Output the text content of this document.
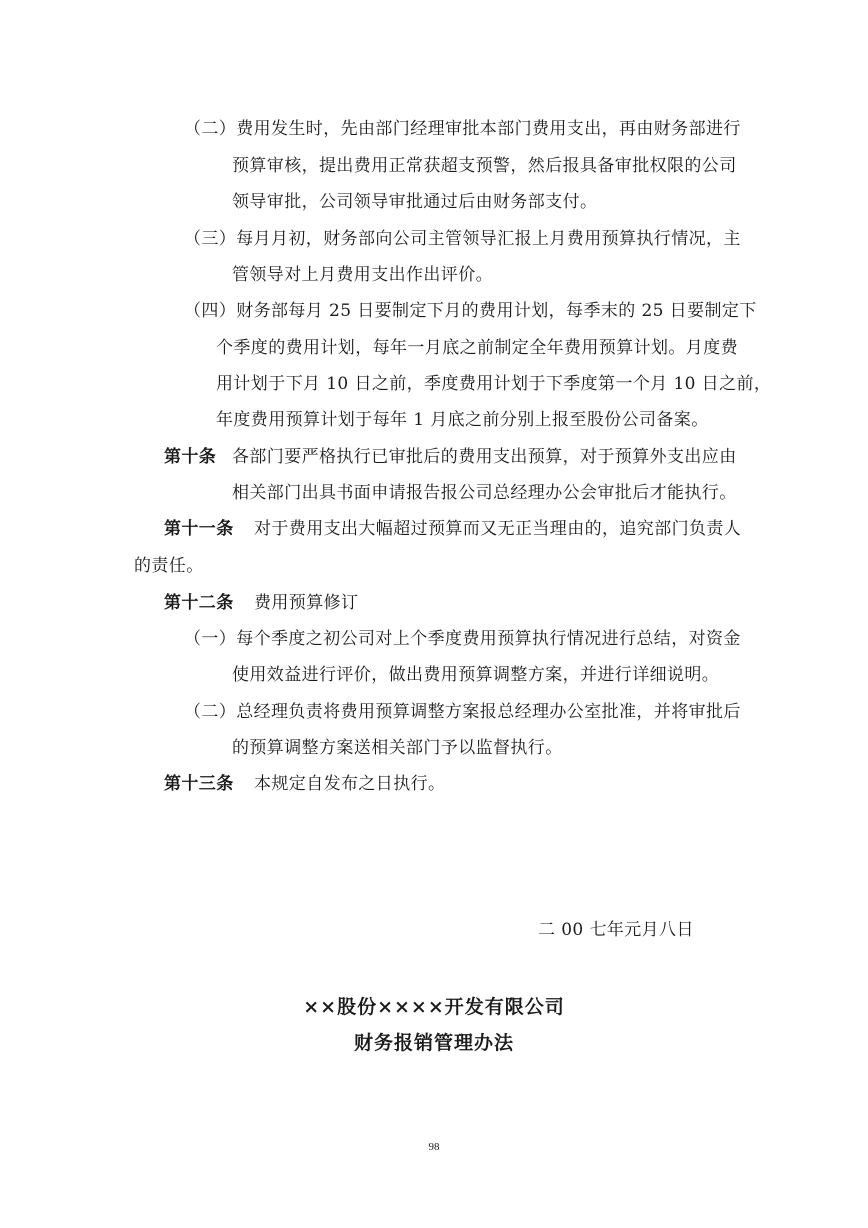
（二）费用发生时，先由部门经理审批本部门费用支出，再由财务部进行
预算审核，提出费用正常获超支预警，然后报具备审批权限的公司
领导审批，公司领导审批通过后由财务部支付。
（三）每月月初，财务部向公司主管领导汇报上月费用预算执行情况，主
管领导对上月费用支出作出评价。
（四）财务部每月 25 日要制定下月的费用计划，每季末的 25 日要制定下
个季度的费用计划，每年一月底之前制定全年费用预算计划。月度费
用计划于下月 10 日之前，季度费用计划于下季度第一个月 10 日之前，
年度费用预算计划于每年 1 月底之前分别上报至股份公司备案。
第十条 各部门要严格执行已审批后的费用支出预算，对于预算外支出应由
相关部门出具书面申请报告报公司总经理办公会审批后才能执行。
第十一条 对于费用支出大幅超过预算而又无正当理由的，追究部门负责人
的责任。
第十二条 费用预算修订
（一）每个季度之初公司对上个季度费用预算执行情况进行总结，对资金
使用效益进行评价，做出费用预算调整方案，并进行详细说明。
（二）总经理负责将费用预算调整方案报总经理办公室批准，并将审批后
的预算调整方案送相关部门予以监督执行。
第十三条 本规定自发布之日执行。
二 00 七年元月八日
××股份××××开发有限公司
财务报销管理办法
98
